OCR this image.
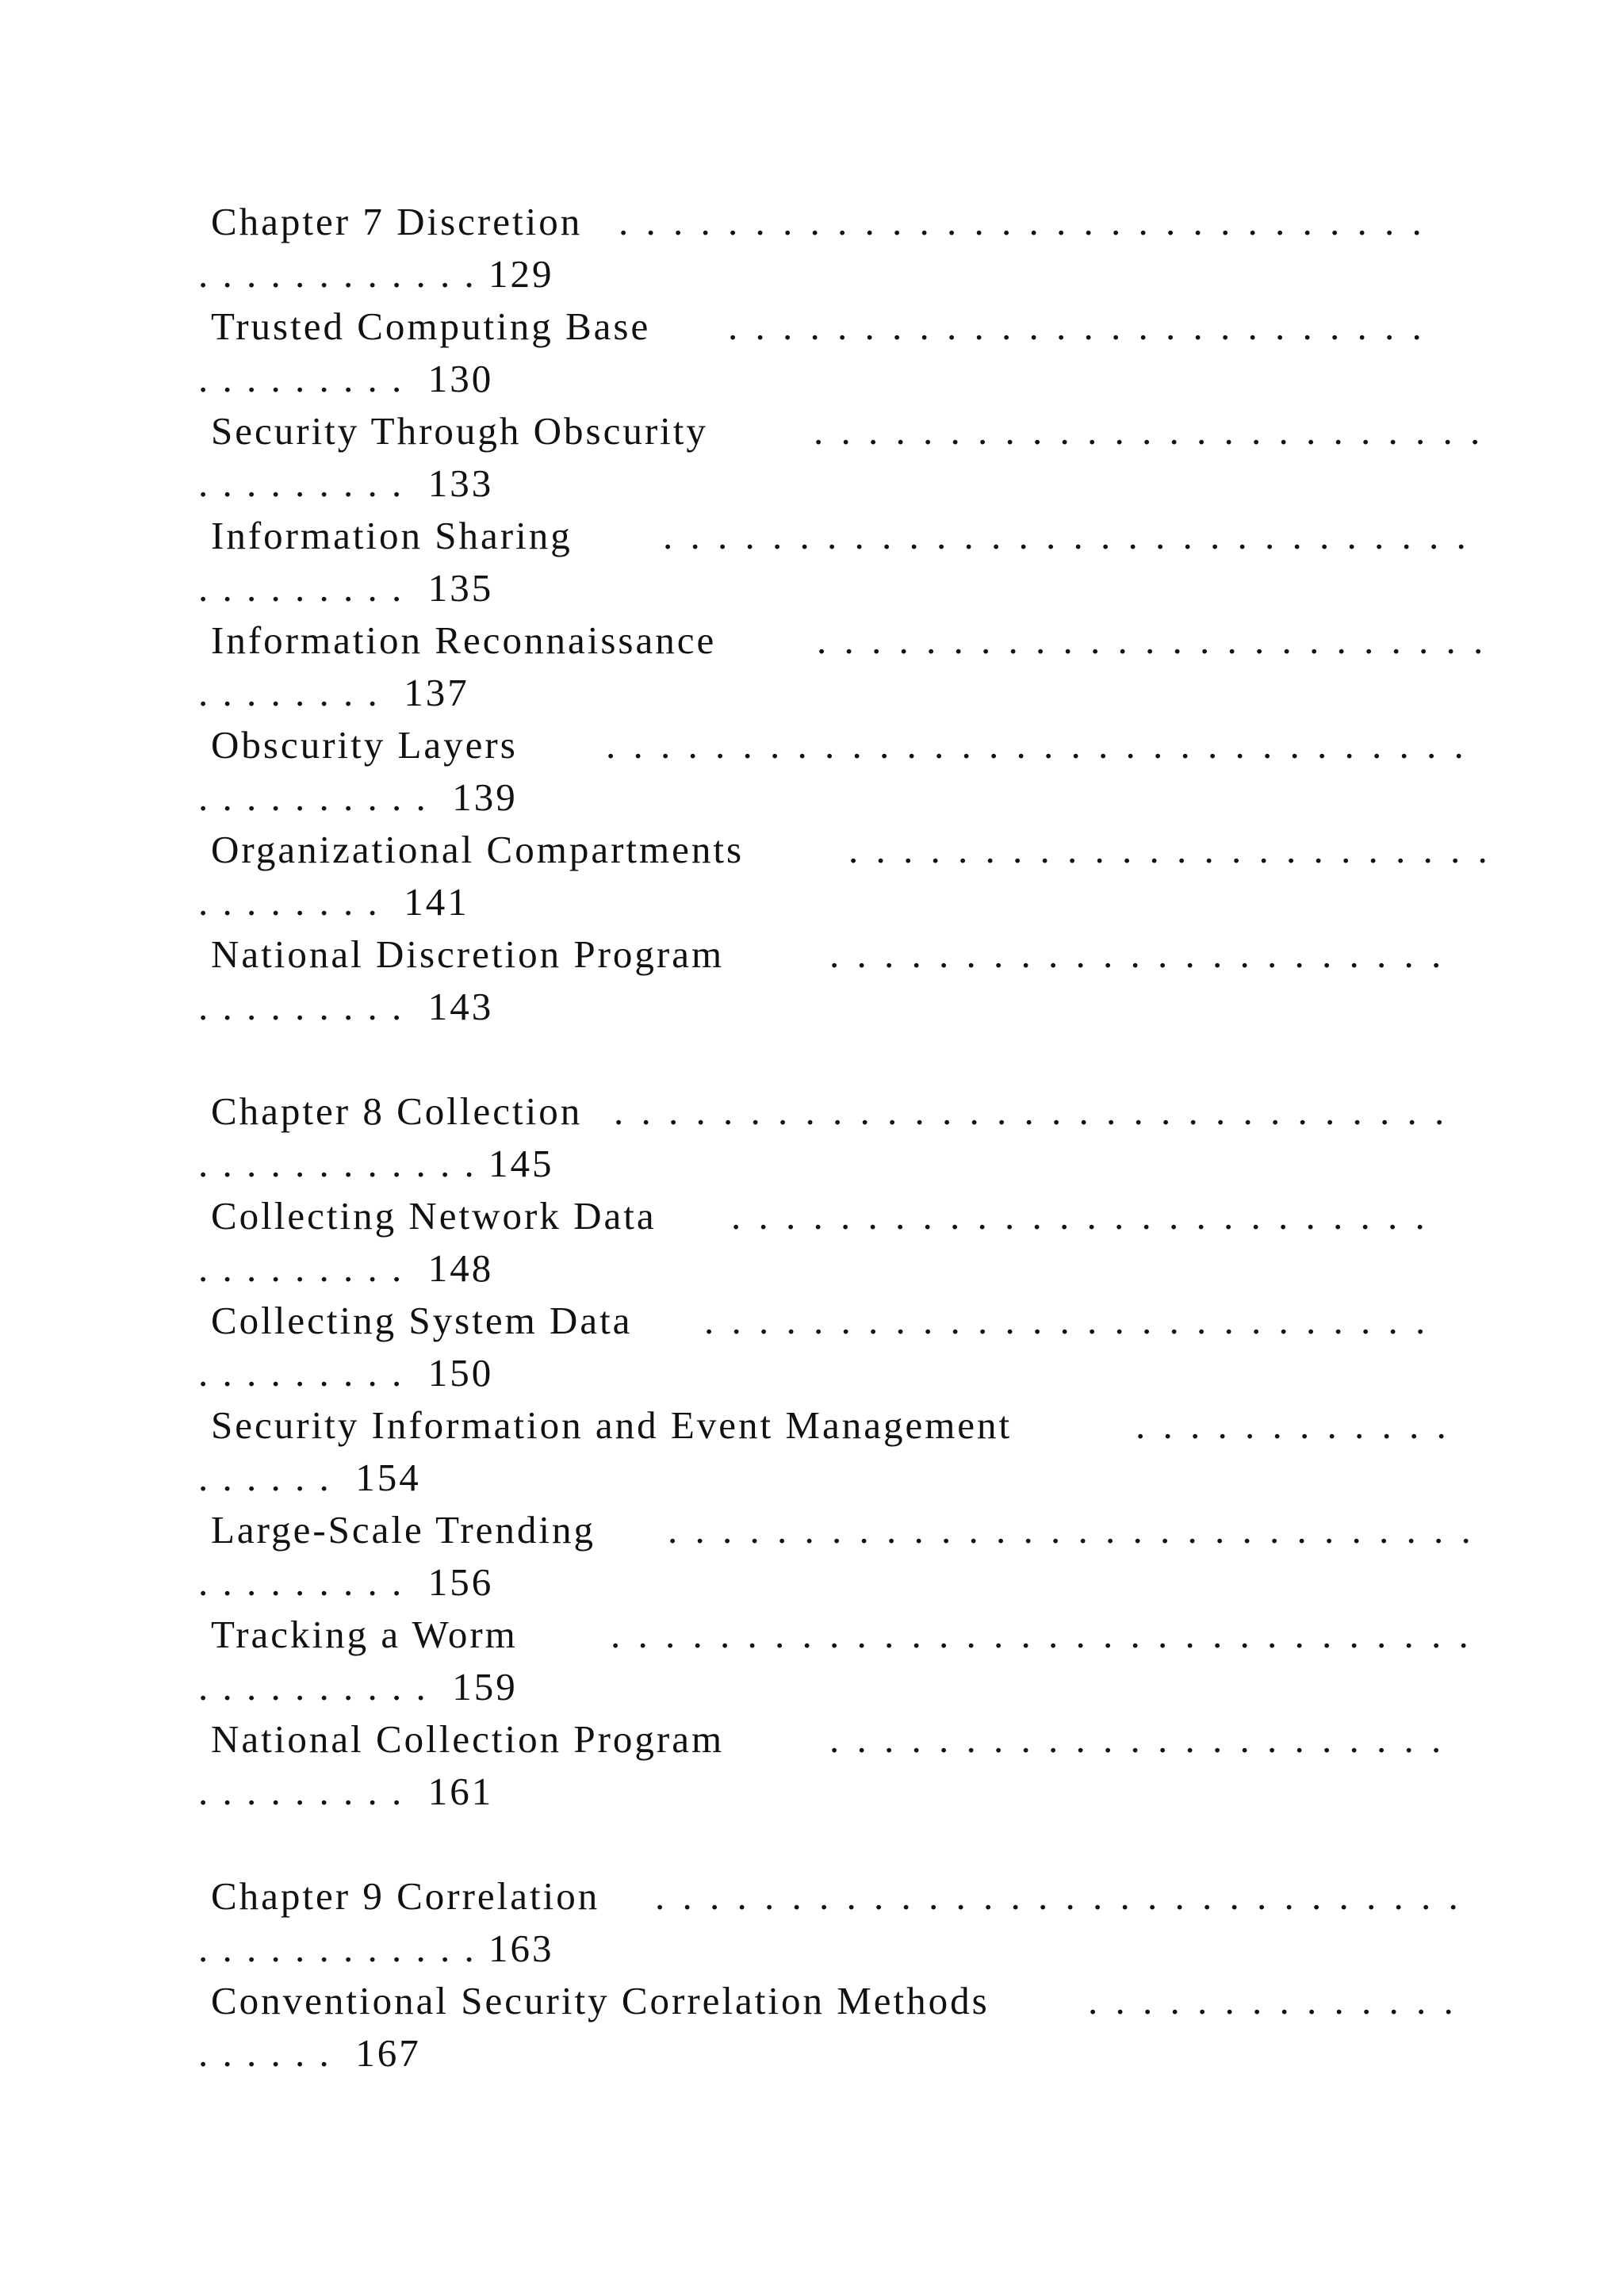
Chapter 7 Discretion . . . . . . . . . . . . . . . . . . . . . . . . . . . . . .
. . . . . . . . . . . . 129
Trusted Computing Base . . . . . . . . . . . . . . . . . . . . . . . . . .
. . . . . . . . .  130
Security Through Obscurity	. . . . . . . . . . . . . . . . . . . . . . . . .
. . . . . . . . .  133
Information Sharing . . . . . . . . . . . . . . . . . . . . . . . . . . . . . .
. . . . . . . . .  135
Information Reconnaissance	. . . . . . . . . . . . . . . . . . . . . . . . .
. . . . . . . .  137
Obscurity Layers . . . . . . . . . . . . . . . . . . . . . . . . . . . . . . . .
. . . . . . . . . .  139
Organizational Compartments	. . . . . . . . . . . . . . . . . . . . . . . .
. . . . . . . .  141
National Discretion Program	. . . . . . . . . . . . . . . . . . . . . . .
. . . . . . . . .  143
Chapter 8 Collection . . . . . . . . . . . . . . . . . . . . . . . . . . . . . . .
. . . . . . . . . . . . 145
Collecting Network Data . . . . . . . . . . . . . . . . . . . . . . . . . .
. . . . . . . . .  148
Collecting System Data . . . . . . . . . . . . . . . . . . . . . . . . . . .
. . . . . . . . .  150
Security Information and Event Management	. . . . . . . . . . . .
. . . . . .  154
Large-Scale Trending . . . . . . . . . . . . . . . . . . . . . . . . . . . . . .
. . . . . . . . .  156
Tracking a Worm . . . . . . . . . . . . . . . . . . . . . . . . . . . . . . . .
. . . . . . . . . .  159
National Collection Program	. . . . . . . . . . . . . . . . . . . . . . .
. . . . . . . . .  161
Chapter 9 Correlation . . . . . . . . . . . . . . . . . . . . . . . . . . . . . .
. . . . . . . . . . . . 163
Conventional Security Correlation Methods	. . . . . . . . . . . . . .
. . . . . .  167
